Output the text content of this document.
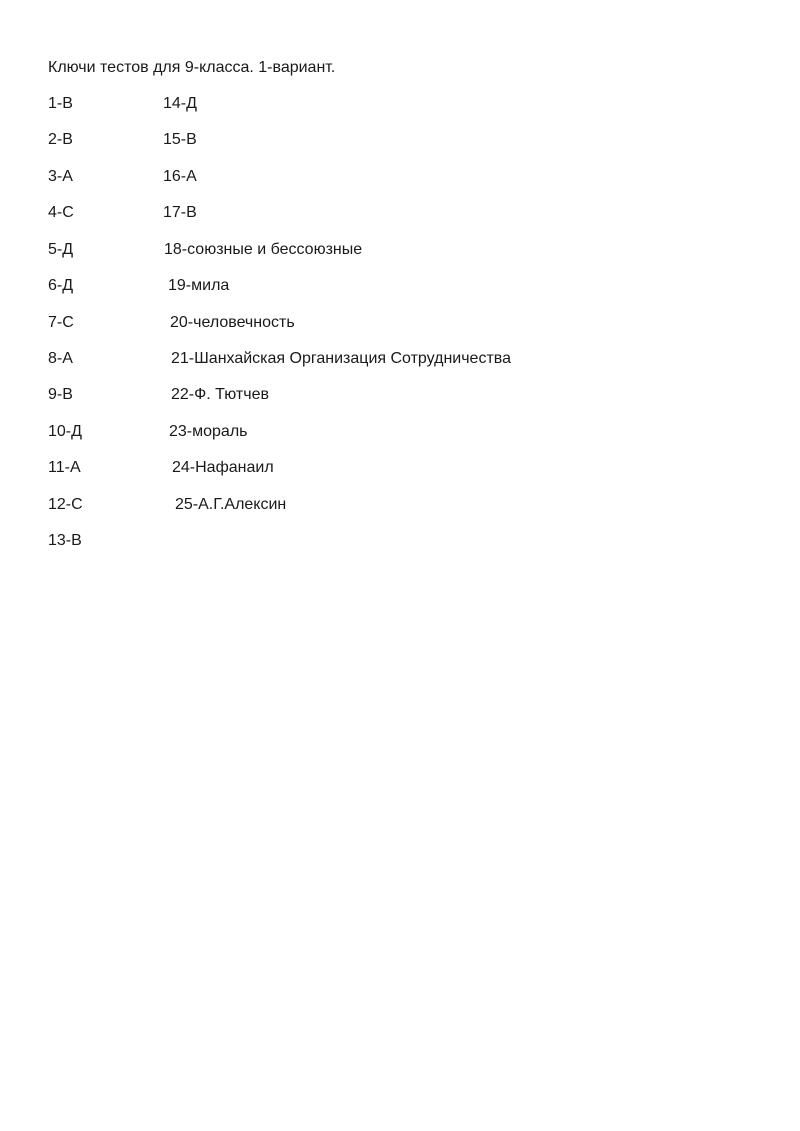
Ключи тестов для 9-класса. 1-вариант.
1-В	14-Д
2-В	15-В
3-А	16-А
4-С	17-В
5-Д	18-союзные и бессоюзные
6-Д	19-мила
7-С	20-человечность
8-А	21-Шанхайская Организация Сотрудничества
9-В	22-Ф. Тютчев
10-Д	23-мораль
11-А	24-Нафанаил
12-С	25-А.Г.Алексин
13-В
